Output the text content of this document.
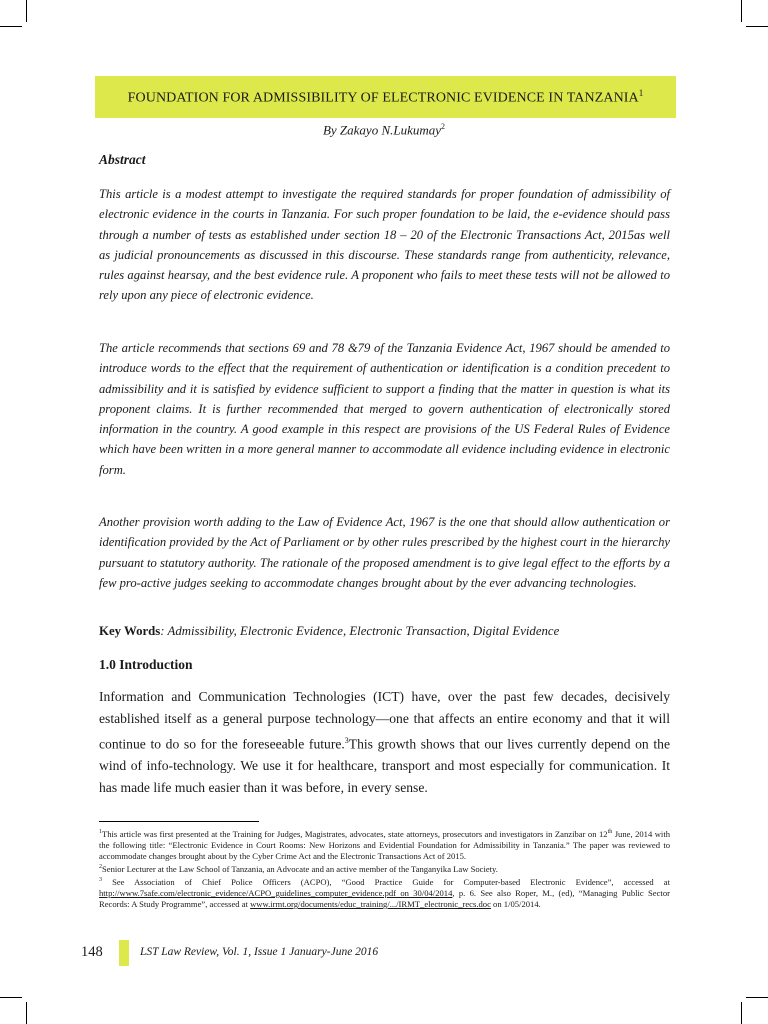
FOUNDATION FOR ADMISSIBILITY OF ELECTRONIC EVIDENCE IN TANZANIA$^1$
By Zakayo N.Lukumay$^2$
Abstract
This article is a modest attempt to investigate the required standards for proper foundation of admissibility of electronic evidence in the courts in Tanzania. For such proper foundation to be laid, the e-evidence should pass through a number of tests as established under section 18 – 20 of the Electronic Transactions Act, 2015as well as judicial pronouncements as discussed in this discourse. These standards range from authenticity, relevance, rules against hearsay, and the best evidence rule. A proponent who fails to meet these tests will not be allowed to rely upon any piece of electronic evidence.
The article recommends that sections 69 and 78 &79 of the Tanzania Evidence Act, 1967 should be amended to introduce words to the effect that the requirement of authentication or identification is a condition precedent to admissibility and it is satisfied by evidence sufficient to support a finding that the matter in question is what its proponent claims. It is further recommended that merged to govern authentication of electronically stored information in the country. A good example in this respect are provisions of the US Federal Rules of Evidence which have been written in a more general manner to accommodate all evidence including evidence in electronic form.
Another provision worth adding to the Law of Evidence Act, 1967 is the one that should allow authentication or identification provided by the Act of Parliament or by other rules prescribed by the highest court in the hierarchy pursuant to statutory authority. The rationale of the proposed amendment is to give legal effect to the efforts by a few pro-active judges seeking to accommodate changes brought about by the ever advancing technologies.
Key Words: Admissibility, Electronic Evidence, Electronic Transaction, Digital Evidence
1.0 Introduction
Information and Communication Technologies (ICT) have, over the past few decades, decisively established itself as a general purpose technology—one that affects an entire economy and that it will continue to do so for the foreseeable future.$^3$This growth shows that our lives currently depend on the wind of info-technology. We use it for healthcare, transport and most especially for communication. It has made life much easier than it was before, in every sense.

$^1$This article was first presented at the Training for Judges, Magistrates, advocates, state attorneys, prosecutors and investigators in Zanzibar on 12th June, 2014 with the following title: “Electronic Evidence in Court Rooms: New Horizons and Evidential Foundation for Admissibility in Tanzania.” The paper was reviewed to accommodate changes brought about by the Cyber Crime Act and the Electronic Transactions Act of 2015.

$^2$Senior Lecturer at the Law School of Tanzania, an Advocate and an active member of the Tanganyika Law Society.

$^3$ See Association of Chief Police Officers (ACPO), “Good Practice Guide for Computer-based Electronic Evidence”, accessed at http://www.7safe.com/electronic_evidence/ACPO_guidelines_computer_evidence.pdf on 30/04/2014, p. 6. See also Roper, M., (ed), “Managing Public Sector Records: A Study Programme”, accessed at www.irmt.org/documents/educ_training/.../IRMT_electronic_recs.doc on 1/05/2014.

148	LST Law Review, Vol. 1, Issue 1 January-June 2016
